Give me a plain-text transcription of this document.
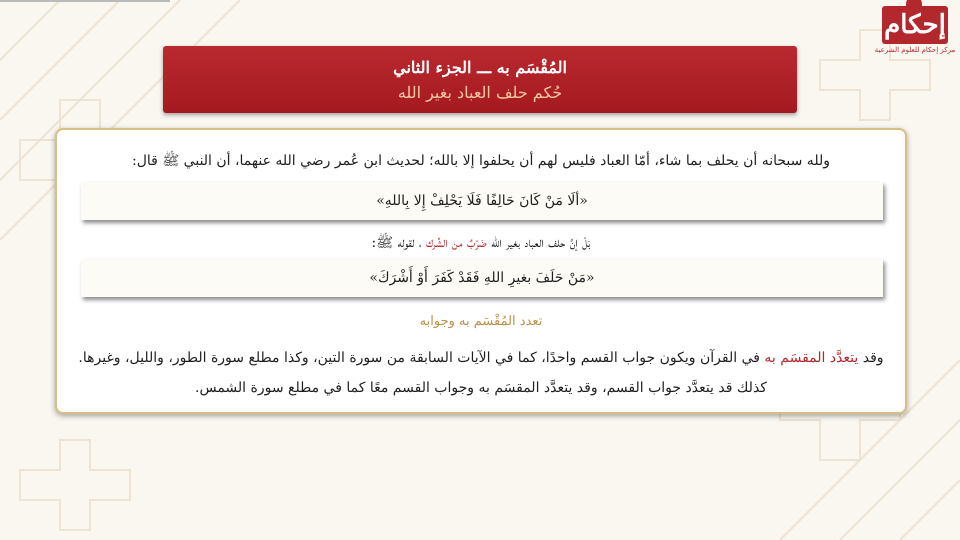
إحكام
مركز إحكام للعلوم الشرعية
المُقْسَم به ـــ الجزء الثاني
حُكم حلف العباد بغير الله
ولله سبحانه أن يحلف بما شاء، أمّا العباد فليس لهم أن يحلفوا إلا بالله؛ لحديث ابن عُمر رضي الله عنهما، أن النبي ﷺ قال:
«ألَا مَنْ كَانَ حَالِفًا فَلَا يَحْلِفْ إِلا بِاللهِ»
بَلْ إنَّ حلف العباد بغير الله ضَرْبٌ من الشِّرك ، لقوله ﷺ:
«مَنْ حَلَفَ بغيرِ اللهِ فَقَدْ كَفَرَ أَوْ أَشْرَكَ»
تعدد المُقْسَم به وجوابه
وقد يتعدَّد المقسَم به في القرآن ويكون جواب القسم واحدًا، كما في الآيات السابقة من سورة التين، وكذا مطلع سورة الطور، والليل، وغيرها.
كذلك قد يتعدَّد جواب القسم، وقد يتعدَّد المقسَم به وجواب القسم معًا كما في مطلع سورة الشمس.
